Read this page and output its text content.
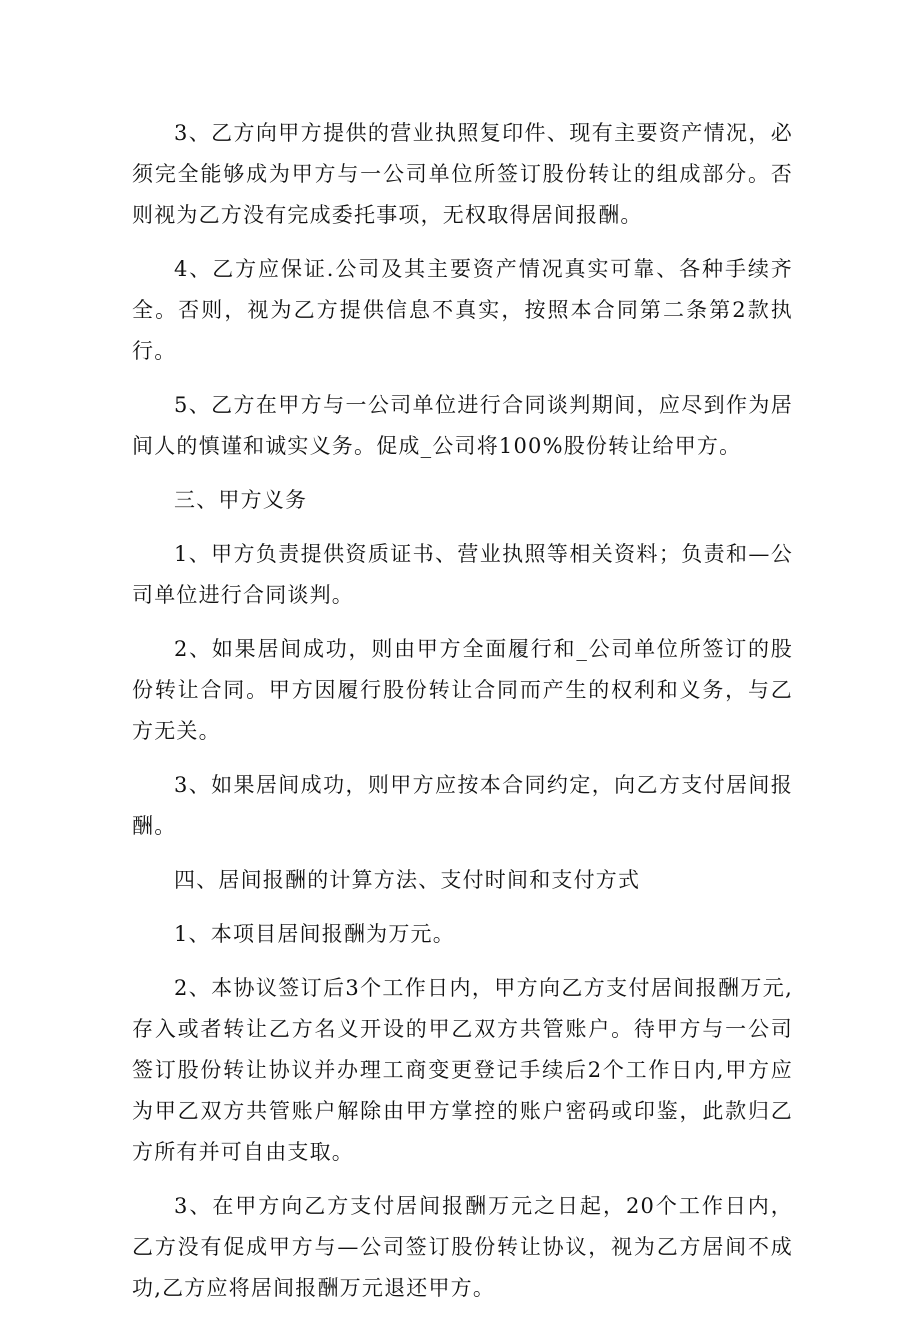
3、乙方向甲方提供的营业执照复印件、现有主要资产情况，必须完全能够成为甲方与一公司单位所签订股份转让的组成部分。否则视为乙方没有完成委托事项，无权取得居间报酬。

4、乙方应保证.公司及其主要资产情况真实可靠、各种手续齐全。否则，视为乙方提供信息不真实，按照本合同第二条第2款执行。

5、乙方在甲方与一公司单位进行合同谈判期间，应尽到作为居间人的慎谨和诚实义务。促成_公司将100%股份转让给甲方。

三、甲方义务

1、甲方负责提供资质证书、营业执照等相关资料；负责和—公司单位进行合同谈判。

2、如果居间成功，则由甲方全面履行和_公司单位所签订的股份转让合同。甲方因履行股份转让合同而产生的权利和义务，与乙方无关。

3、如果居间成功，则甲方应按本合同约定，向乙方支付居间报酬。

四、居间报酬的计算方法、支付时间和支付方式

1、本项目居间报酬为万元。

2、本协议签订后3个工作日内，甲方向乙方支付居间报酬万元,存入或者转让乙方名义开设的甲乙双方共管账户。待甲方与一公司签订股份转让协议并办理工商变更登记手续后2个工作日内,甲方应为甲乙双方共管账户解除由甲方掌控的账户密码或印鉴，此款归乙方所有并可自由支取。

3、在甲方向乙方支付居间报酬万元之日起，20个工作日内，乙方没有促成甲方与—公司签订股份转让协议，视为乙方居间不成功,乙方应将居间报酬万元退还甲方。
